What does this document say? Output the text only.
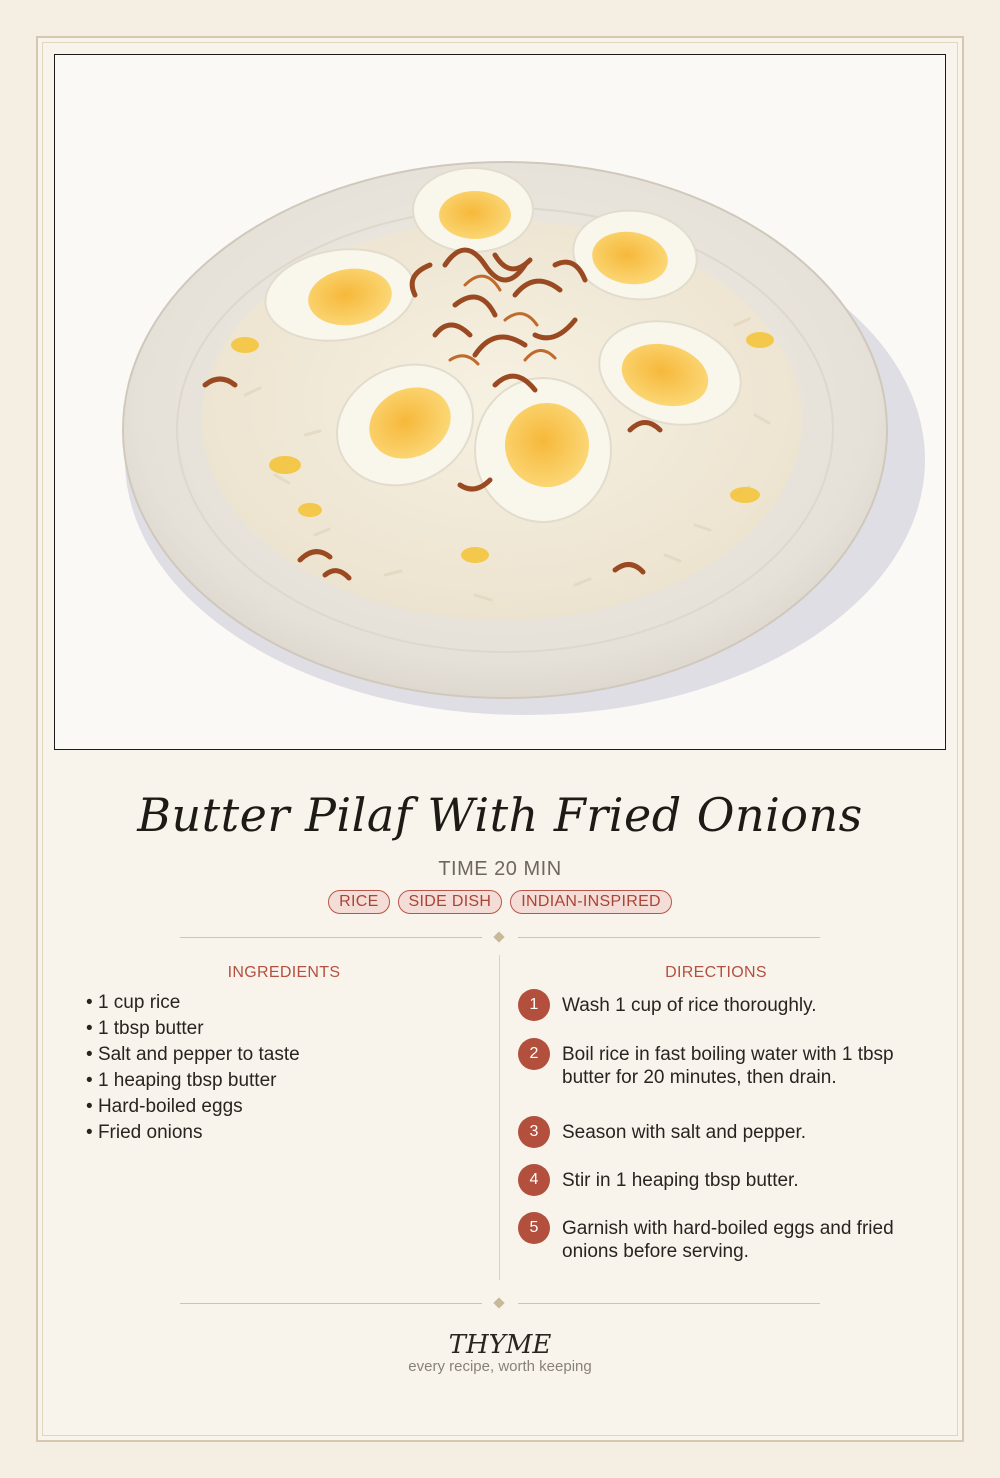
Butter Pilaf With Fried Onions
TIME 20 MIN
RICE SIDE DISH INDIAN-INSPIRED
INGREDIENTS	DIRECTIONS
• 1 cup rice
• 1 tbsp butter
• Salt and pepper to taste
• 1 heaping tbsp butter
• Hard-boiled eggs
• Fried onions
1	Wash 1 cup of rice thoroughly.
2	Boil rice in fast boiling water with 1 tbsp butter for 20 minutes, then drain.
3	Season with salt and pepper.
4	Stir in 1 heaping tbsp butter.
5	Garnish with hard-boiled eggs and fried onions before serving.
THYME
every recipe, worth keeping
